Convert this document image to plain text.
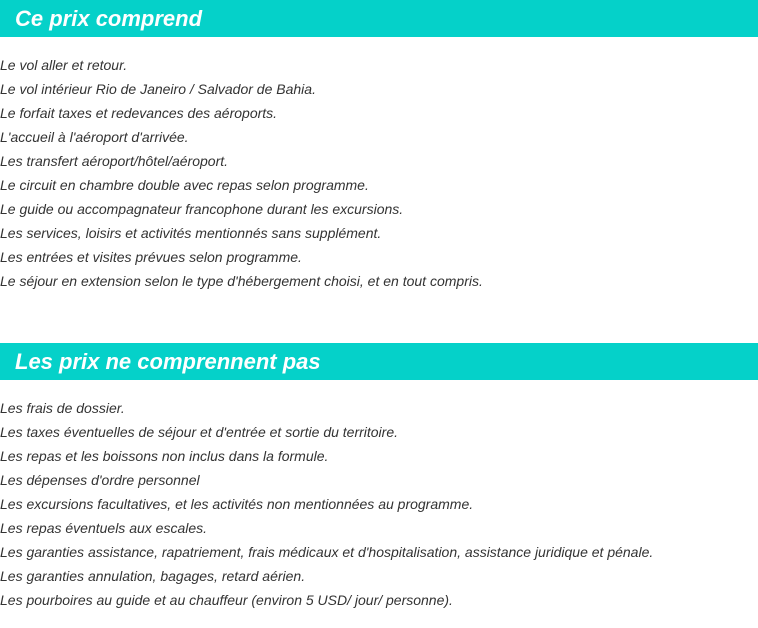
Ce prix comprend
Le vol aller et retour.
Le vol intérieur Rio de Janeiro / Salvador de Bahia.
Le forfait taxes et redevances des aéroports.
L'accueil à l'aéroport d'arrivée.
Les transfert aéroport/hôtel/aéroport.
Le circuit en chambre double avec repas selon programme.
Le guide ou accompagnateur francophone durant les excursions.
Les services, loisirs et activités mentionnés sans supplément.
Les entrées et visites prévues selon programme.
Le séjour en extension selon le type d'hébergement choisi, et en tout compris.
Les prix ne comprennent pas
Les frais de dossier.
Les taxes éventuelles de séjour et d'entrée et sortie du territoire.
Les repas et les boissons non inclus dans la formule.
Les dépenses d'ordre personnel
Les excursions facultatives, et les activités non mentionnées au programme.
Les repas éventuels aux escales.
Les garanties assistance, rapatriement, frais médicaux et d'hospitalisation, assistance juridique et pénale.
Les garanties annulation, bagages, retard aérien.
Les pourboires au guide et au chauffeur (environ 5 USD/ jour/ personne).
